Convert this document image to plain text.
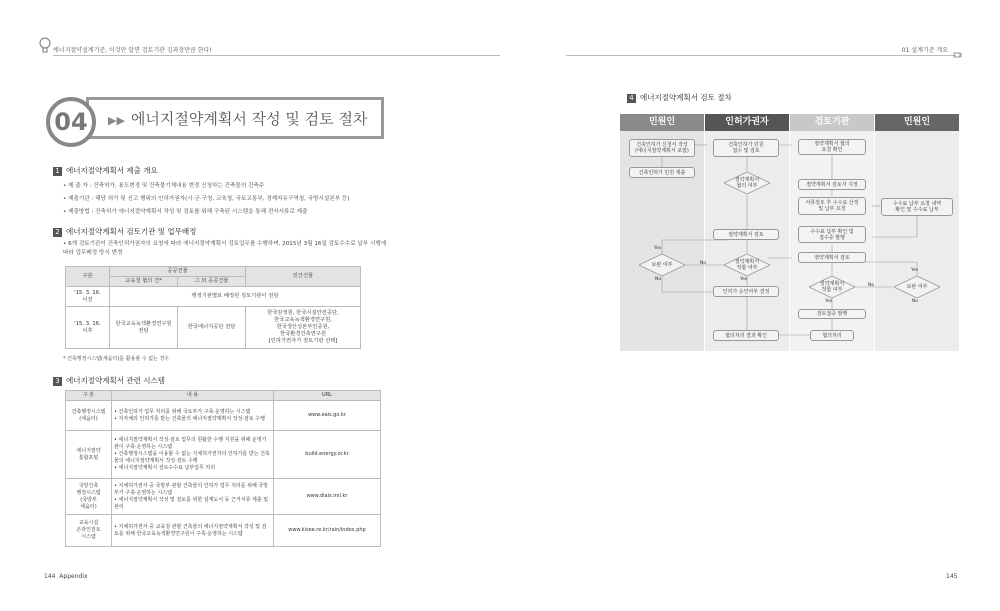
에너지절약설계기준, 이것만 알면 검토기관 김과장만큼 한다!
04	▶▶ 에너지절약계획서 작성 및 검토 절차
1 에너지절약계획서 제출 개요
• 제 출 자 : 건축허가, 용도변경 및 건축물기재내용 변경 신청하는 건축물의 건축주
• 제출기관 : 해당 허가 및 신고 행위의 인허가권자(시·군·구청, 교육청, 국토교통부, 경제자유구역청, 국방시설본부 등)
• 제출방법 : 건축허가 에너지절약계획서 작성 및 검토를 위해 구축된 시스템을 통해 전자서류로 제출
2 에너지절약계획서 검토기관 및 업무배정
• 6개 검토기관이 건축인허가권자의 요청에 따라 에너지절약계획서 검토업무를 수행하며, 2015년 3월 16일 검토수수료 납부 시행에 따라 업무배정 방식 변경
구분	공공건물		민간건물
	교육청 협의 건*	그 외 공공건물	
'15. 3. 16.
이전	행정기관별로 배정된 검토기관이 전담		
'15. 3. 16.
이후	한국교육녹색환경연구원
전담	한국에너지공단 전담	한국감정원, 한국시설안전공단,
한국교육녹색환경연구원,
한국생산성본부인증원,
한국환경건축연구원
[인허가권자가 검토기관 선택]
* 건축행정시스템(세움터)를 활용할 수 없는 경우
3 에너지절약계획서 관련 시스템
구 분	내 용	URL
건축행정시스템
(세움터)	• 건축인허가 업무 처리를 위해 국토부가 구축·운영하는 시스템
• 지자체의 인허가를 받는 건축물의 에너지절약계획서 작성·검토 수행	www.eais.go.kr
에너지절약
통합포털	• 에너지절약계획서 작성·검토 업무의 원활한 수행 지원을 위해 운영기관이 구축·운영하는 시스템
• 건축행정시스템을 이용할 수 없는 지체허가권자의 인허가를 받는 건축물의 에너지절약계획서 작성·검토 수행
• 에너지절약계획서 검토수수료 납부업무 처리	build.energy.or.kr
국방건축
행정시스템
(국방부
세움터)	• 지체허가권자 중 국방부 관할 건축물의 인허가 업무 처리를 위해 국방부가 구축·운영하는 시스템
• 에너지절약계획서 작성 및 검토를 위한 설계도서 등 근거서류 제출 및 관리	www.diais.mil.kr
교육시설
온라인검토
시스템	• 지체허가권자 중 교육청 관할 건축물의 에너지절약계획서 작성 및 검토를 위해 한국교육녹색환경연구원이 구축·운영하는 시스템	www.kisee.re.kr/rain/index.php
144 Appendix
01 설계기준 개요
4 에너지절약계획서 검토 절차
민원인	인허가권자	검토기관	민원인
건축인허가 신청서 작성
(에너지절약계획서 포함)
건축인허가 민원 제출
보완 여부
Yes
No
건축인허가 민원
접수 및 검토
절약계획서
협의 여부
절약계획서 검토
절약계획서
적합 여부
No
Yes
인허가 승인여부 결정
협의처리 결과 확인
절약계획서 협의
요청 확인
절약계획서 검토자 지정
서류검토 후 수수료 산정
및 납부 요청
수수료 납부 확인 및
접수증 발행
절약계획서 검토
절약계획서
적합 여부
No
Yes
검토접증 발행
협의처리
수수료 납부 요청 내역
확인 및 수수료 납부
보완 여부
Yes
No
145
